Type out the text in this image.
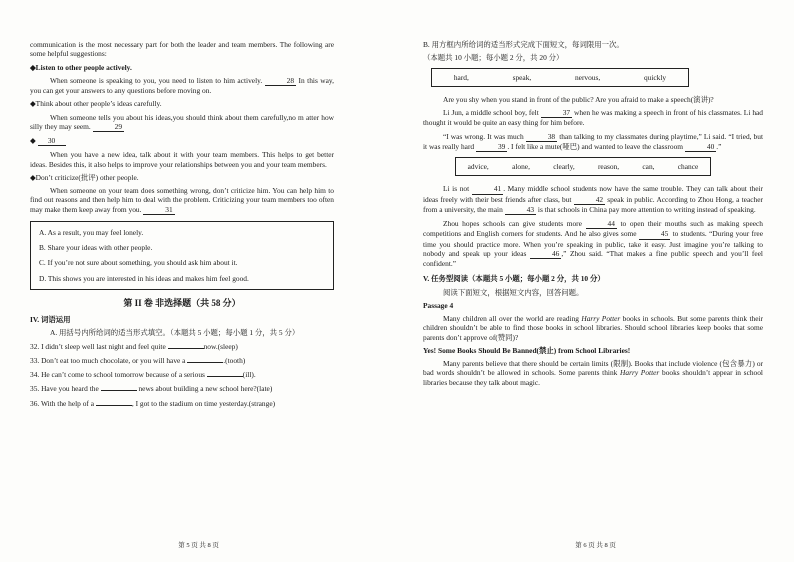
communication is the most necessary part for both the leader and team members. The following are some helpful suggestions:

◆Listen to other people actively.

When someone is speaking to you, you need to listen to him actively.	28 In this way, you can get your answers to any questions before moving on.

◆Think about other people’s ideas carefully.

When someone tells you about his ideas,you should think about them carefully,no m atter how silly they may seem.	29

◆ 30

When you have a new idea, talk about it with your team members. This helps to get better ideas. Besides this, it also helps to improve your relationships between you and your team members.

◆Don’t criticize(批评) other people.

When someone on your team does something wrong, don’t criticize him. You can help him to find out reasons and then help him to deal with the problem. Criticizing your team members too often may make them keep away from you.	31

A. As a result, you may feel lonely.

B. Share your ideas with other people.

C. If you’re not sure about something, you should ask him about it.

D. This shows you are interested in his ideas and makes him feel good.

第 II 卷 非选择题（共 58 分）

IV. 词语运用

A. 用括号内所给词的适当形式填空。（本题共 5 小题；每小题 1 分，共 5 分）

32. I didn’t sleep well last night and feel quite	now.(sleep)

33. Don’t eat too much chocolate, or you will have a	.(tooth)

34. He can’t come to school tomorrow because of a serious	(ill).

35. Have you heard the	news about building a new school here?(late)

36. With the help of a	, I got to the stadium on time yesterday.(strange)

第 5 页 共 8 页

B. 用方框内所给词的适当形式完成下面短文，每词限用一次。

（本题共 10 小题；每小题 2 分，共 20 分）

hard,	speak,	nervous,	quickly

Are you shy when you stand in front of the public? Are you afraid to make a speech(演讲)?

Li Jun, a middle school boy, felt	37 when he was making a speech in front of his classmates. Li had thought it would be quite an easy thing for him before.

“I was wrong. It was much	38 than talking to my classmates during playtime,” Li said. “I tried, but it was really hard	39 . I felt like a mute(哑巴) and wanted to leave the classroom	40 .”

advice,	alone,	clearly,	reason,	can,	chance

Li is not	41 . Many middle school students now have the same trouble. They can talk about their ideas freely with their best friends after class, but	42 speak in public. According to Zhou Hong, a teacher from a university, the main	43 is that schools in China pay more attention to writing instead of speaking.

Zhou hopes schools can give students more	44 to open their mouths such as making speech competitions and English corners for students. And he also gives some	45 to students. “During your free time you should practice more. When you’re speaking in public, take it easy. Just imagine you’re talking to nobody and speak up your ideas	46 ,” Zhou said. “That makes a fine public speech and you’ll feel confident.”

V. 任务型阅读（本题共 5 小题；每小题 2 分，共 10 分）

阅读下面短文，根据短文内容，回答问题。

Passage 4

Many children all over the world are reading Harry Potter books in schools. But some parents think their children shouldn’t be able to find those books in school libraries. Should school libraries keep books that some parents don’t approve of(赞同)?

Yes! Some Books Should Be Banned(禁止) from School Libraries!

Many parents believe that there should be certain limits (限制). Books that include violence (包含暴力) or bad words shouldn’t be allowed in schools. Some parents think Harry Potter books shouldn’t appear in school libraries because they talk about magic.

第 6 页 共 8 页
